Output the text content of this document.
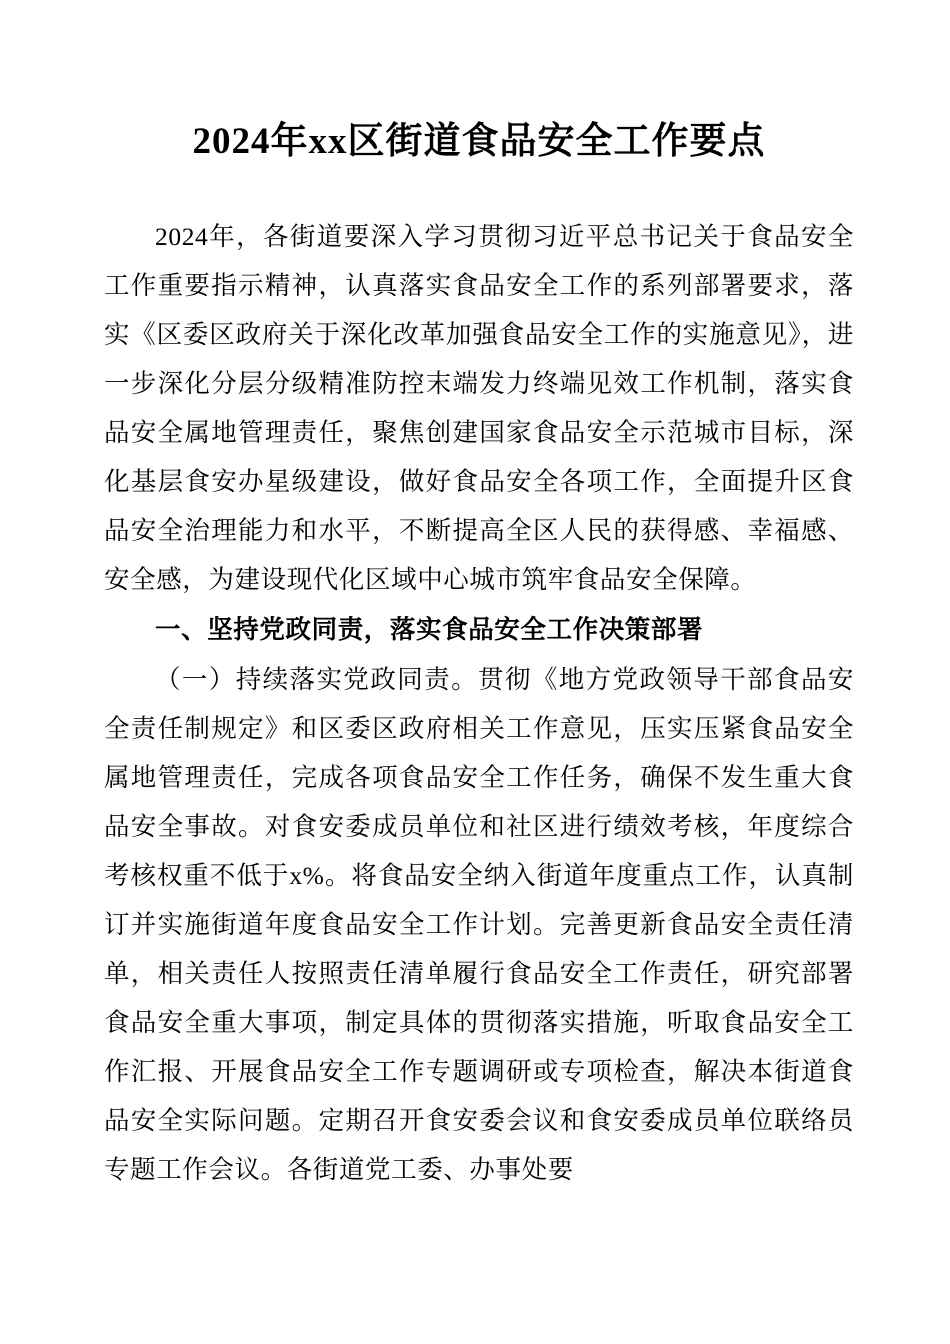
2024年xx区街道食品安全工作要点

2024年，各街道要深入学习贯彻习近平总书记关于食品安全工作重要指示精神，认真落实食品安全工作的系列部署要求，落实《区委区政府关于深化改革加强食品安全工作的实施意见》，进一步深化分层分级精准防控末端发力终端见效工作机制，落实食品安全属地管理责任，聚焦创建国家食品安全示范城市目标，深化基层食安办星级建设，做好食品安全各项工作，全面提升区食品安全治理能力和水平，不断提高全区人民的获得感、幸福感、安全感，为建设现代化区域中心城市筑牢食品安全保障。

一、坚持党政同责，落实食品安全工作决策部署

（一）持续落实党政同责。贯彻《地方党政领导干部食品安全责任制规定》和区委区政府相关工作意见，压实压紧食品安全属地管理责任，完成各项食品安全工作任务，确保不发生重大食品安全事故。对食安委成员单位和社区进行绩效考核，年度综合考核权重不低于x%。将食品安全纳入街道年度重点工作，认真制订并实施街道年度食品安全工作计划。完善更新食品安全责任清单，相关责任人按照责任清单履行食品安全工作责任，研究部署食品安全重大事项，制定具体的贯彻落实措施，听取食品安全工作汇报、开展食品安全工作专题调研或专项检查，解决本街道食品安全实际问题。定期召开食安委会议和食安委成员单位联络员专题工作会议。各街道党工委、办事处要
